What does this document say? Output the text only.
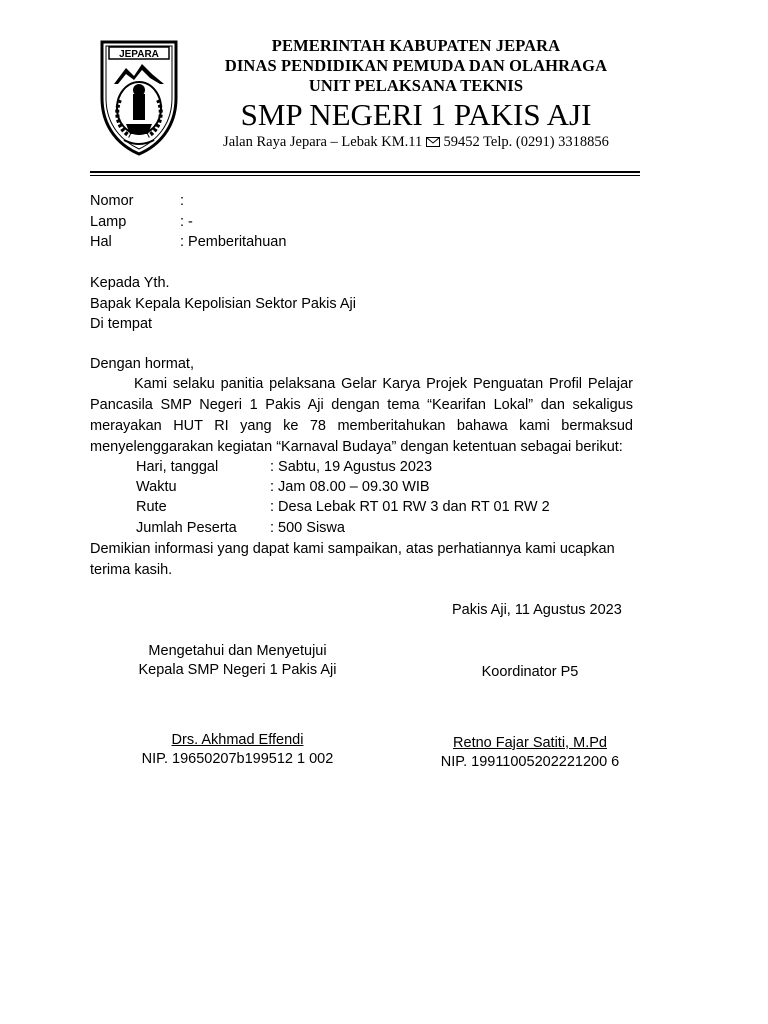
JEPARA	PEMERINTAH KABUPATEN JEPARA
DINAS PENDIDIKAN PEMUDA DAN OLAHRAGA
UNIT PELAKSANA TEKNIS
SMP NEGERI 1 PAKIS AJI
Jalan Raya Jepara – Lebak KM.11 59452 Telp. (0291) 3318856
Nomor	:
Lamp	: -
Hal	: Pemberitahuan
Kepada Yth.
Bapak Kepala Kepolisian Sektor Pakis Aji
Di tempat
Dengan hormat,
Kami selaku panitia pelaksana Gelar Karya Projek Penguatan Profil Pelajar Pancasila SMP Negeri 1 Pakis Aji dengan tema “Kearifan Lokal” dan sekaligus merayakan HUT RI yang ke 78 memberitahukan bahawa kami bermaksud menyelenggarakan kegiatan “Karnaval Budaya” dengan ketentuan sebagai berikut:
Hari, tanggal	: Sabtu, 19 Agustus 2023
Waktu	: Jam 08.00 – 09.30 WIB
Rute	: Desa Lebak RT 01 RW 3 dan RT 01 RW 2
Jumlah Peserta : 500 Siswa
Demikian informasi yang dapat kami sampaikan, atas perhatiannya kami ucapkan terima kasih.
Pakis Aji, 11 Agustus 2023
Mengetahui dan Menyetujui
Kepala SMP Negeri 1 Pakis Aji	Koordinator P5
Drs. Akhmad Effendi
NIP. 19650207b199512 1 002
Retno Fajar Satiti, M.Pd
NIP. 19911005202221200 6
